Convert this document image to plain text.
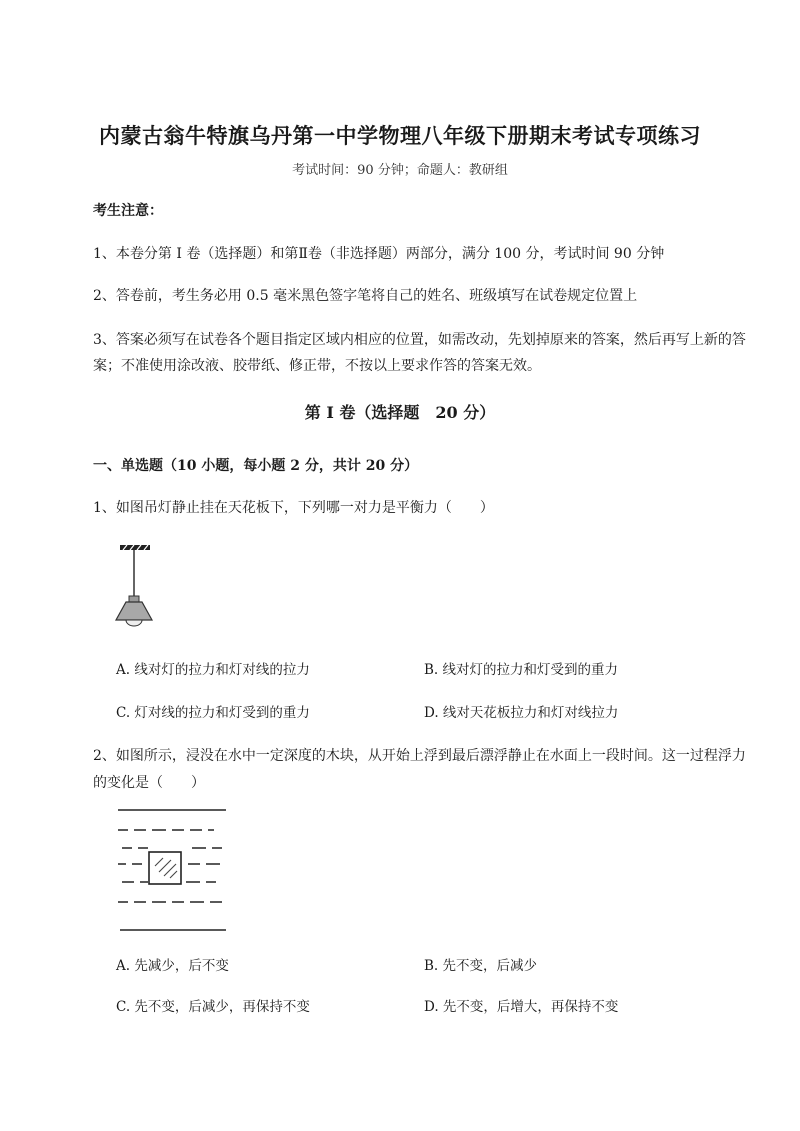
内蒙古翁牛特旗乌丹第一中学物理八年级下册期末考试专项练习
考试时间：90 分钟；命题人：教研组
考生注意：
1、本卷分第 I 卷（选择题）和第Ⅱ卷（非选择题）两部分，满分 100 分，考试时间 90 分钟
2、答卷前，考生务必用 0.5 毫米黑色签字笔将自己的姓名、班级填写在试卷规定位置上
3、答案必须写在试卷各个题目指定区域内相应的位置，如需改动，先划掉原来的答案，然后再写上新的答案；不准使用涂改液、胶带纸、修正带，不按以上要求作答的答案无效。
第 I 卷（选择题　20 分）
一、单选题（10 小题，每小题 2 分，共计 20 分）
1、如图吊灯静止挂在天花板下，下列哪一对力是平衡力（　　）
A. 线对灯的拉力和灯对线的拉力	B. 线对灯的拉力和灯受到的重力
C. 灯对线的拉力和灯受到的重力	D. 线对天花板拉力和灯对线拉力
2、如图所示，浸没在水中一定深度的木块，从开始上浮到最后漂浮静止在水面上一段时间。这一过程浮力的变化是（　　）
A. 先减少，后不变	B. 先不变，后减少
C. 先不变，后减少，再保持不变	D. 先不变，后增大，再保持不变
